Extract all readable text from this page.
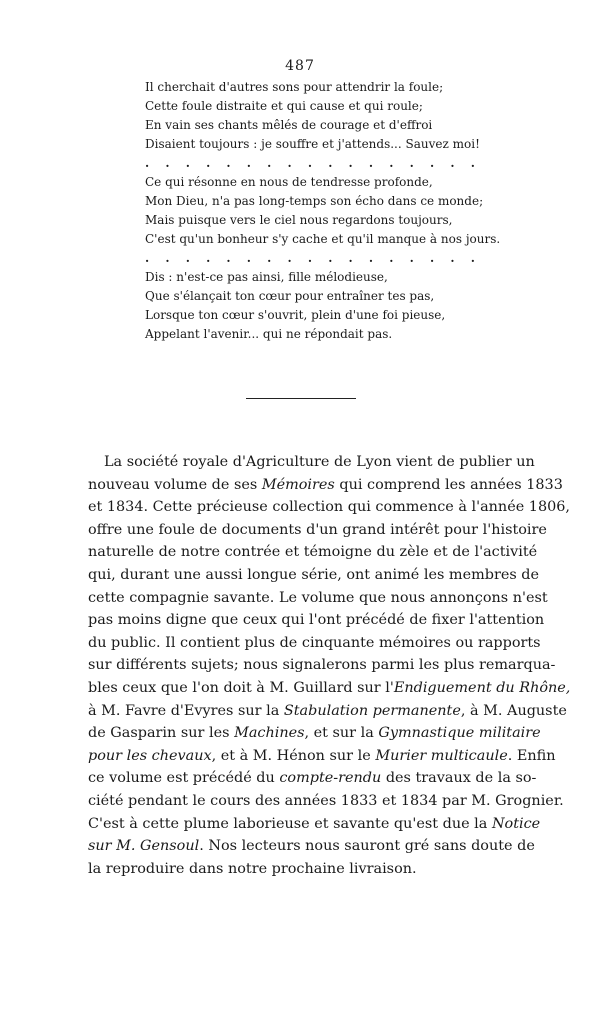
487
Il cherchait d'autres sons pour attendrir la foule;
Cette foule distraite et qui cause et qui roule;
En vain ses chants mêlés de courage et d'effroi
Disaient toujours : je souffre et j'attends... Sauvez moi!
. . . . . . . . . . . . . . . . .
Ce qui résonne en nous de tendresse profonde,
Mon Dieu, n'a pas long-temps son écho dans ce monde;
Mais puisque vers le ciel nous regardons toujours,
C'est qu'un bonheur s'y cache et qu'il manque à nos jours.
. . . . . . . . . . . . . . . . .
Dis : n'est-ce pas ainsi, fille mélodieuse,
Que s'élançait ton cœur pour entraîner tes pas,
Lorsque ton cœur s'ouvrit, plein d'une foi pieuse,
Appelant l'avenir... qui ne répondait pas.
La société royale d'Agriculture de Lyon vient de publier un
nouveau volume de ses Mémoires qui comprend les années 1833
et 1834. Cette précieuse collection qui commence à l'année 1806,
offre une foule de documents d'un grand intérêt pour l'histoire
naturelle de notre contrée et témoigne du zèle et de l'activité
qui, durant une aussi longue série, ont animé les membres de
cette compagnie savante. Le volume que nous annonçons n'est
pas moins digne que ceux qui l'ont précédé de fixer l'attention
du public. Il contient plus de cinquante mémoires ou rapports
sur différents sujets; nous signalerons parmi les plus remarqua-
bles ceux que l'on doit à M. Guillard sur l'Endiguement du Rhône,
à M. Favre d'Evyres sur la Stabulation permanente, à M. Auguste
de Gasparin sur les Machines, et sur la Gymnastique militaire
pour les chevaux, et à M. Hénon sur le Murier multicaule. Enfin
ce volume est précédé du compte-rendu des travaux de la so-
ciété pendant le cours des années 1833 et 1834 par M. Grognier.
C'est à cette plume laborieuse et savante qu'est due la Notice
sur M. Gensoul. Nos lecteurs nous sauront gré sans doute de
la reproduire dans notre prochaine livraison.
